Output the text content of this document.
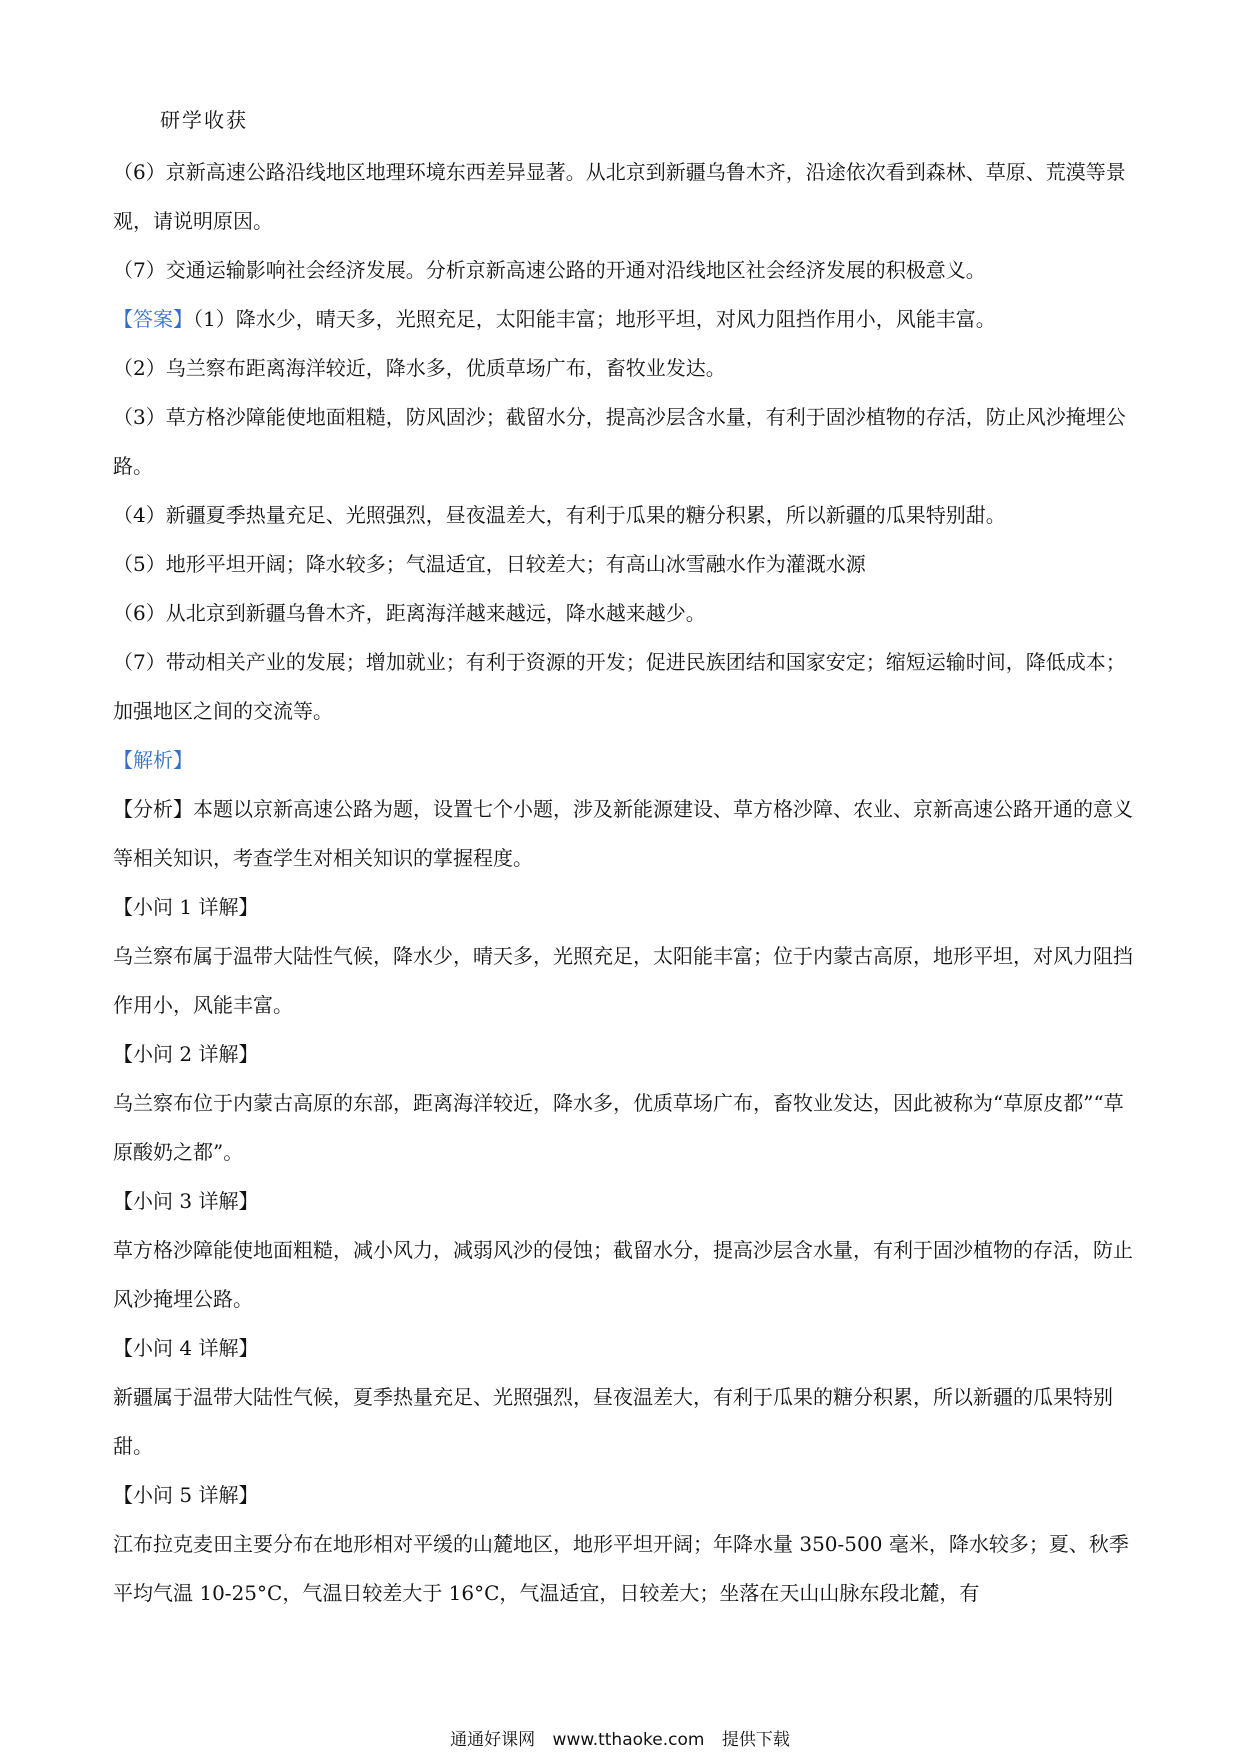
研学收获

（6）京新高速公路沿线地区地理环境东西差异显著。从北京到新疆乌鲁木齐，沿途依次看到森林、草原、荒漠等景观，请说明原因。

（7）交通运输影响社会经济发展。分析京新高速公路的开通对沿线地区社会经济发展的积极意义。

【答案】（1）降水少，晴天多，光照充足，太阳能丰富；地形平坦，对风力阻挡作用小，风能丰富。

（2）乌兰察布距离海洋较近，降水多，优质草场广布，畜牧业发达。

（3）草方格沙障能使地面粗糙，防风固沙；截留水分，提高沙层含水量，有利于固沙植物的存活，防止风沙掩埋公路。

（4）新疆夏季热量充足、光照强烈，昼夜温差大，有利于瓜果的糖分积累，所以新疆的瓜果特别甜。

（5）地形平坦开阔；降水较多；气温适宜，日较差大；有高山冰雪融水作为灌溉水源

（6）从北京到新疆乌鲁木齐，距离海洋越来越远，降水越来越少。

（7）带动相关产业的发展；增加就业；有利于资源的开发；促进民族团结和国家安定；缩短运输时间，降低成本；加强地区之间的交流等。

【解析】

【分析】本题以京新高速公路为题，设置七个小题，涉及新能源建设、草方格沙障、农业、京新高速公路开通的意义等相关知识，考查学生对相关知识的掌握程度。

【小问 1 详解】

乌兰察布属于温带大陆性气候，降水少，晴天多，光照充足，太阳能丰富；位于内蒙古高原，地形平坦，对风力阻挡作用小，风能丰富。

【小问 2 详解】

乌兰察布位于内蒙古高原的东部，距离海洋较近，降水多，优质草场广布，畜牧业发达，因此被称为“草原皮都”“草原酸奶之都”。

【小问 3 详解】

草方格沙障能使地面粗糙，减小风力，减弱风沙的侵蚀；截留水分，提高沙层含水量，有利于固沙植物的存活，防止风沙掩埋公路。

【小问 4 详解】

新疆属于温带大陆性气候，夏季热量充足、光照强烈，昼夜温差大，有利于瓜果的糖分积累，所以新疆的瓜果特别甜。

【小问 5 详解】

江布拉克麦田主要分布在地形相对平缓的山麓地区，地形平坦开阔；年降水量 350-500 毫米，降水较多；夏、秋季平均气温 10-25°C，气温日较差大于 16°C，气温适宜，日较差大；坐落在天山山脉东段北麓，有

通通好课网 www.tthaoke.com 提供下载
